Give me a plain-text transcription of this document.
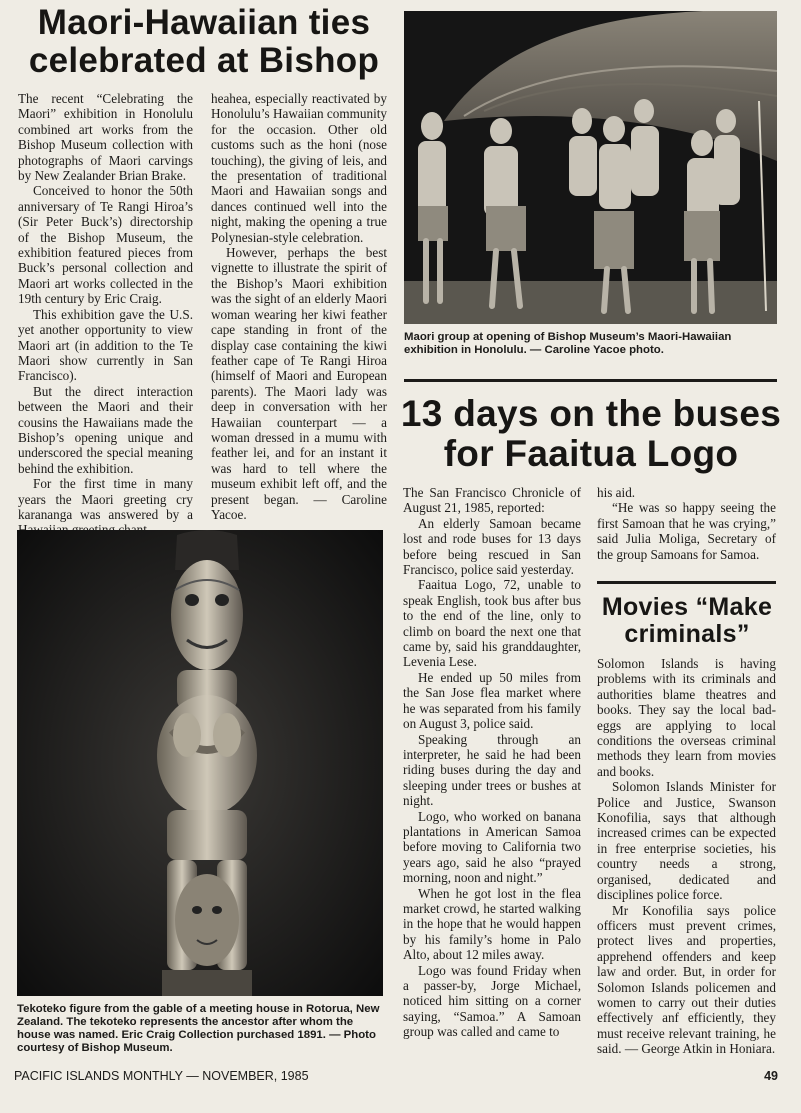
Maori-Hawaiian ties celebrated at Bishop

The recent “Celebrating the Maori” exhibition in Honolulu combined art works from the Bishop Museum collection with photographs of Maori carvings by New Zealander Brian Brake.

Conceived to honor the 50th anniversary of Te Rangi Hiroa’s (Sir Peter Buck’s) directorship of the Bishop Museum, the exhibition featured pieces from Buck’s personal collection and Maori art works collected in the 19th century by Eric Craig.

This exhibition gave the U.S. yet another opportunity to view Maori art (in addition to the Te Maori show currently in San Francisco).

But the direct interaction between the Maori and their cousins the Hawaiians made the Bishop’s opening unique and underscored the special meaning behind the exhibition.

For the first time in many years the Maori greeting cry karananga was answered by a

heahea, especially reactivated by Honolulu’s Hawaiian community for the occasion. Other old customs such as the honi (nose touching), the giving of leis, and the presentation of traditional Maori and Hawaiian songs and dances continued well into the night, making the opening a true Polynesian-style celebration.

However, perhaps the best vignette to illustrate the spirit of the Bishop’s Maori exhibition was the sight of an elderly Maori woman wearing her kiwi feather cape standing in front of the display case containing the kiwi feather cape of Te Rangi Hiroa (himself of Maori and European parents). The Maori lady was deep in conversation with her Hawaiian counterpart — a woman dressed in a mumu with feather lei, and for an instant it was hard to tell where the museum exhibit left off, and the present began. — Caroline Yacoe.

Maori group at opening of Bishop Museum’s Maori-Hawaiian exhibition in Honolulu. — Caroline Yacoe photo.
13 days on the buses for Faaitua Logo

The San Francisco Chronicle of August 21, 1985, reported:

An elderly Samoan became lost and rode buses for 13 days before being rescued in San Francisco, police said yesterday.

Faaitua Logo, 72, unable to speak English, took bus after bus to the end of the line, only to climb on board the next one that came by, said his granddaughter, Levenia Lese.

He ended up 50 miles from the San Jose flea market where he was separated from his family on August 3, police said.

Speaking through an interpreter, he said he had been riding buses during the day and sleeping under trees or bushes at night.

Logo, who worked on banana plantations in American Samoa before moving to California two years ago, said he also “prayed morning, noon and night.”

When he got lost in the flea market crowd, he started walking in the hope that he would happen by his family’s home in Palo Alto, about 12 miles away.

Logo was found Friday when a passer-by, Jorge Michael, noticed him sitting on a corner saying, “Samoa.” A Samoan group was called and came to

his aid.

“He was so happy seeing the first Samoan that he was crying,” said Julia Moliga, Secretary of the group Samoans for Samoa.

Movies “Make criminals”

Solomon Islands is having problems with its criminals and authorities blame theatres and books. They say the local bad-eggs are applying to local conditions the overseas criminal methods they learn from movies and books.

Solomon Islands Minister for Police and Justice, Swanson Konofilia, says that although increased crimes can be expected in free enterprise societies, his country needs a strong, organised, dedicated and disciplines police force.

Mr Konofilia says police officers must prevent crimes, protect lives and properties, apprehend offenders and keep law and order. But, in order for Solomon Islands policemen and women to carry out their duties effectively anf efficiently, they must receive relevant training, he said. — George Atkin in Honiara.

Tekoteko figure from the gable of a meeting house in Rotorua, New Zealand. The tekoteko represents the ancestor after whom the house was named. Eric Craig Collection purchased 1891. — Photo courtesy of Bishop Museum.
PACIFIC ISLANDS MONTHLY — NOVEMBER, 1985	49
